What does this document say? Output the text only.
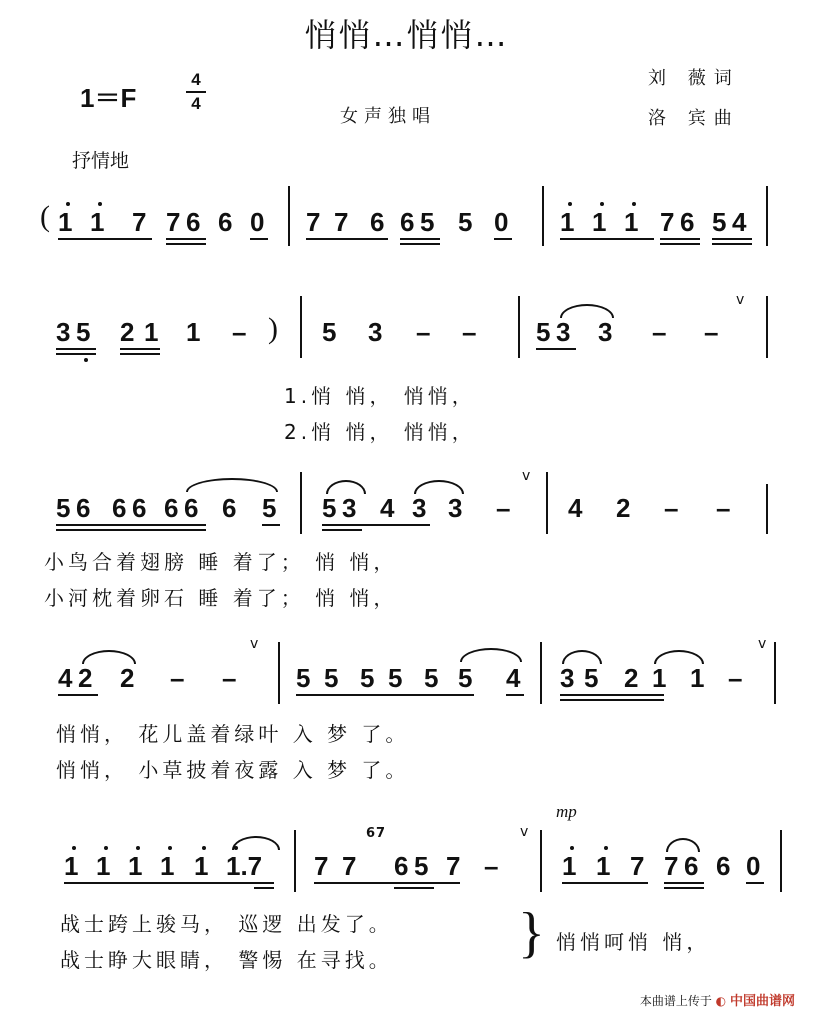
悄悄…悄悄…
1＝F
4
4
女声独唱
刘 薇词
洛 宾曲
抒情地
( 1 1 7 7 6 6 0 7 7 6 6 5 5 0 1 1 1 7 6 5 4
3 5 2 1 1 – ) 5 3 – – 5 3 3 – –
v
1.悄 悄， 悄悄，
2.悄 悄， 悄悄，
5 6 6 6 6 6 6 5 5 3 4 3 3 –
v
4 2 – –
小鸟合着翅膀 睡 着了； 悄 悄，
小河枕着卵石 睡 着了； 悄 悄，
4 2 2 – –
v
5 5 5 5 5 5 4 3 5 2 1 1 –
v
悄悄， 花儿盖着绿叶 入 梦 了。
悄悄， 小草披着夜露 入 梦 了。
1 1 1 1 1 1.7 7 7
67
6 5 7 –
v
mp
1 1 7 7 6 6 0
战士跨上骏马， 巡逻 出发了。
战士睁大眼睛， 警惕 在寻找。 } 悄悄呵悄 悄，
本曲谱上传于 ◐ 中国曲谱网
